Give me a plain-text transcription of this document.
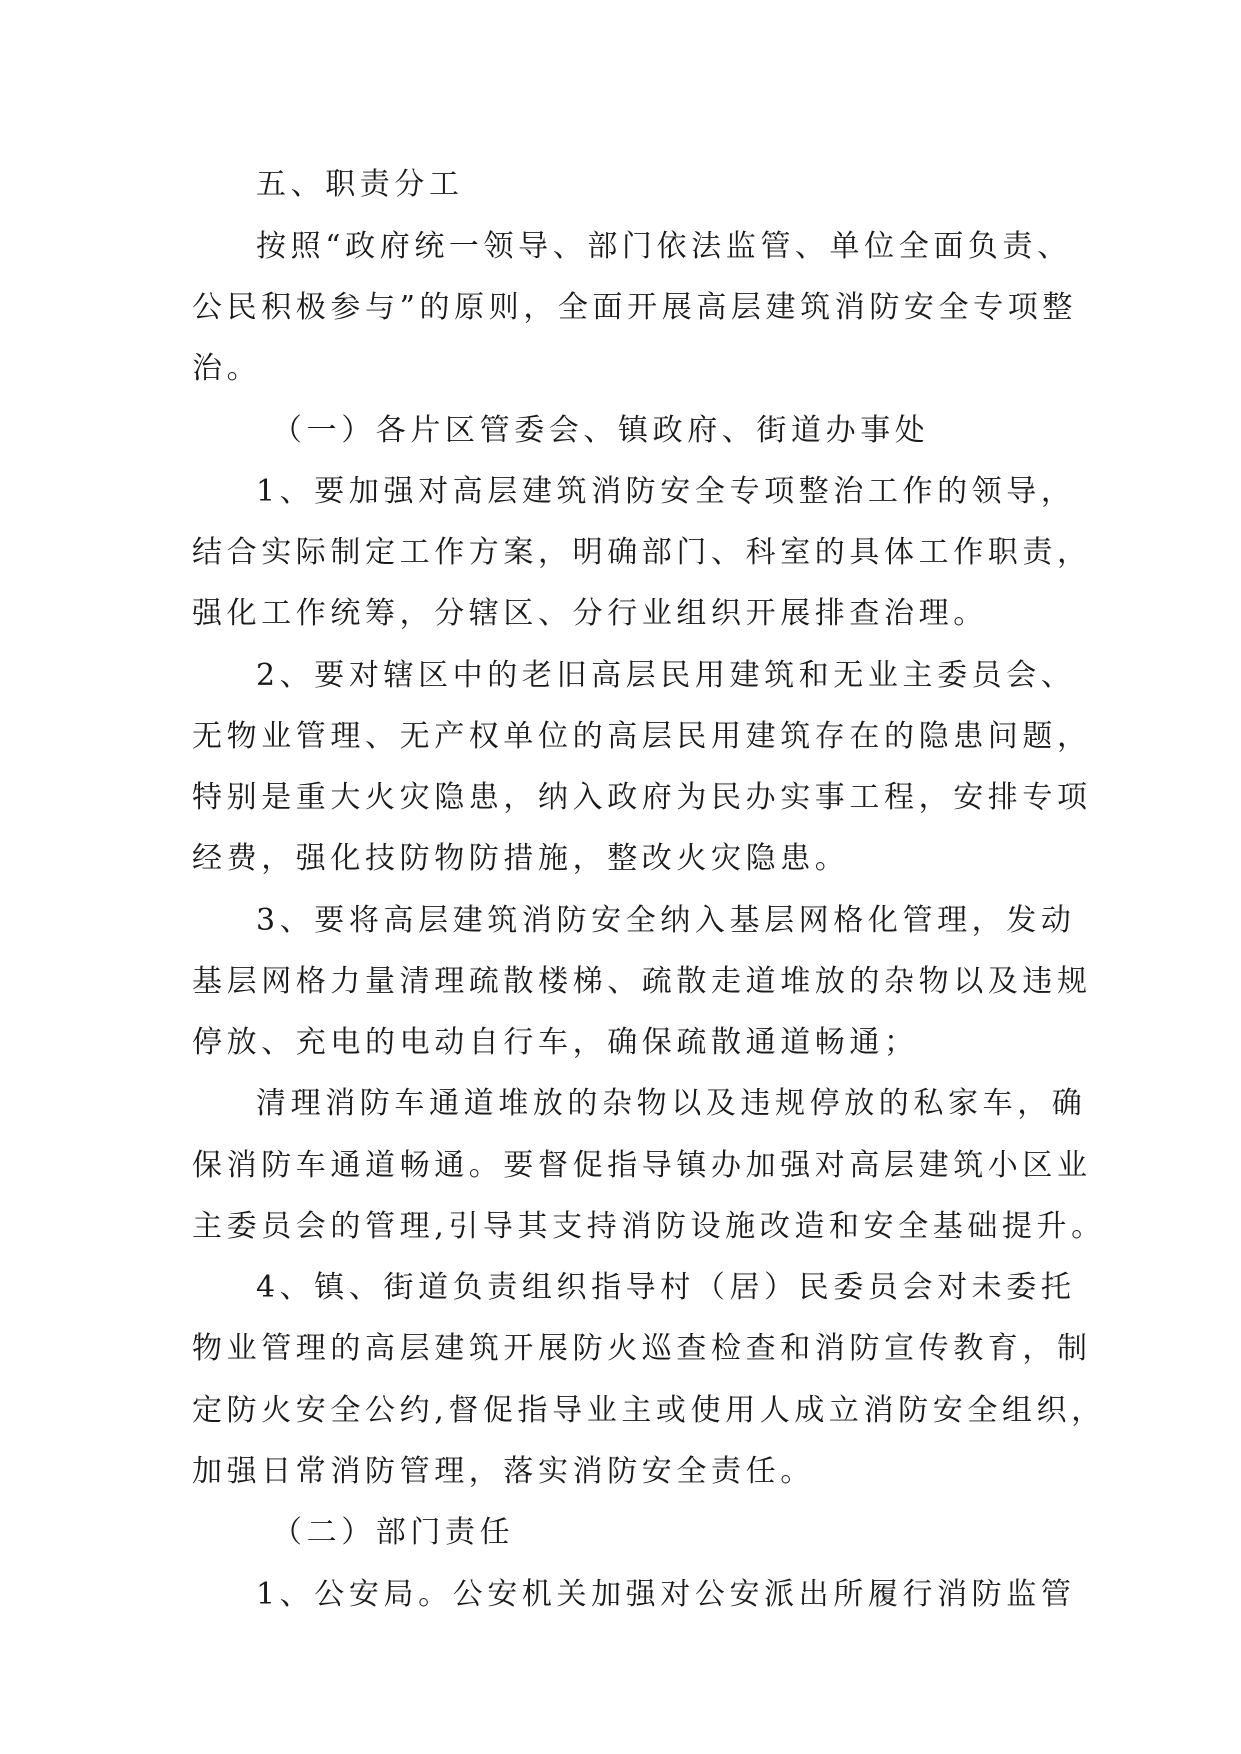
五、职责分工
按照“政府统一领导、部门依法监管、单位全面负责、
公民积极参与”的原则，全面开展高层建筑消防安全专项整
治。
（一）各片区管委会、镇政府、街道办事处
1、要加强对高层建筑消防安全专项整治工作的领导，
结合实际制定工作方案，明确部门、科室的具体工作职责，
强化工作统筹，分辖区、分行业组织开展排查治理。
2、要对辖区中的老旧高层民用建筑和无业主委员会、
无物业管理、无产权单位的高层民用建筑存在的隐患问题，
特别是重大火灾隐患，纳入政府为民办实事工程，安排专项
经费，强化技防物防措施，整改火灾隐患。
3、要将高层建筑消防安全纳入基层网格化管理，发动
基层网格力量清理疏散楼梯、疏散走道堆放的杂物以及违规
停放、充电的电动自行车，确保疏散通道畅通；
清理消防车通道堆放的杂物以及违规停放的私家车，确
保消防车通道畅通。要督促指导镇办加强对高层建筑小区业
主委员会的管理,引导其支持消防设施改造和安全基础提升。
4、镇、街道负责组织指导村（居）民委员会对未委托
物业管理的高层建筑开展防火巡查检查和消防宣传教育，制
定防火安全公约,督促指导业主或使用人成立消防安全组织，
加强日常消防管理，落实消防安全责任。
（二）部门责任
1、公安局。公安机关加强对公安派出所履行消防监管
